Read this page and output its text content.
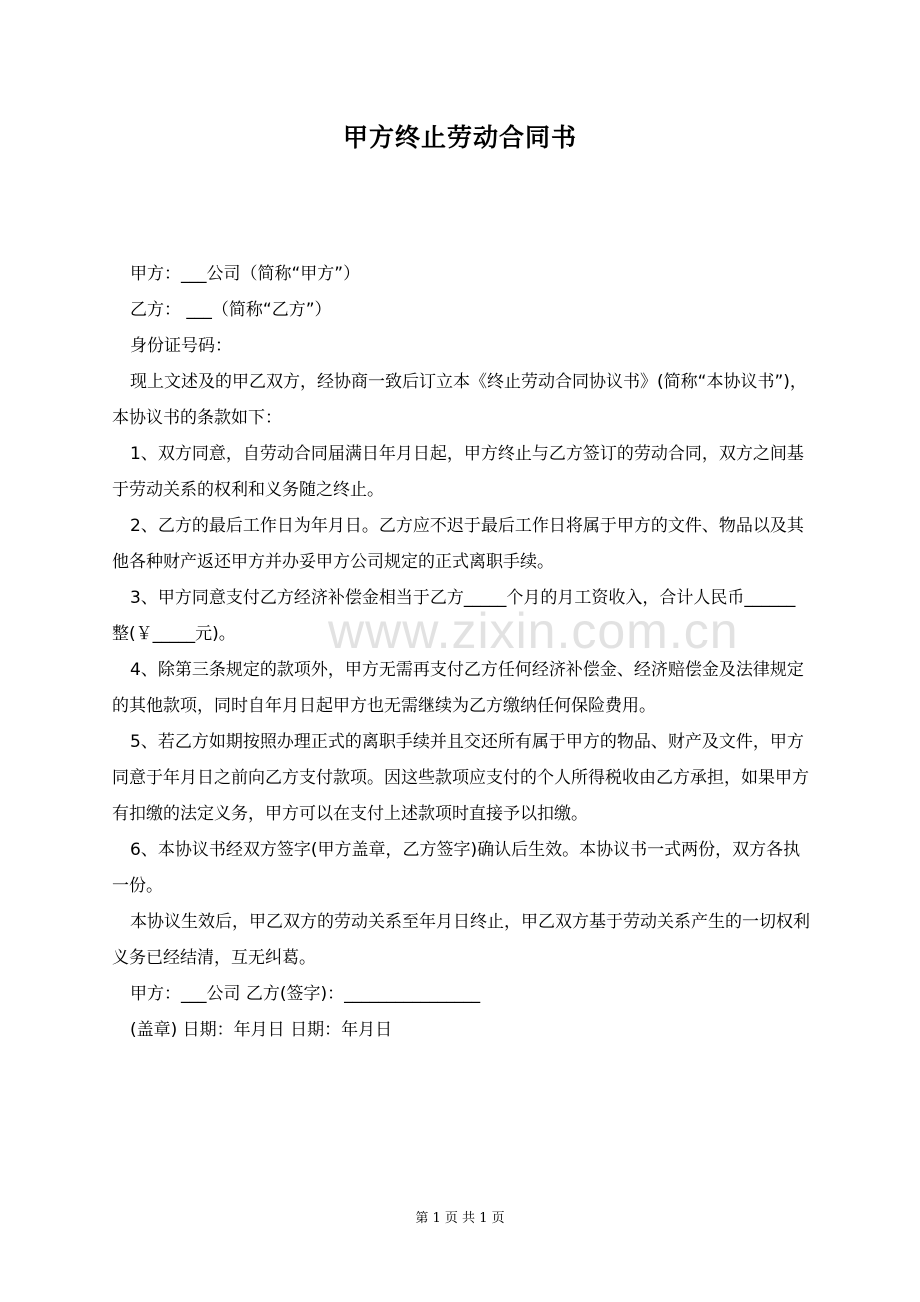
甲方终止劳动合同书
www.zixin.com.cn

甲方：___公司（简称“甲方”）

乙方： ___（简称“乙方”）

身份证号码：

现上文述及的甲乙双方，经协商一致后订立本《终止劳动合同协议书》(简称“本协议书”)，本协议书的条款如下：

1、双方同意，自劳动合同届满日年月日起，甲方终止与乙方签订的劳动合同，双方之间基于劳动关系的权利和义务随之终止。

2、乙方的最后工作日为年月日。乙方应不迟于最后工作日将属于甲方的文件、物品以及其他各种财产返还甲方并办妥甲方公司规定的正式离职手续。

3、甲方同意支付乙方经济补偿金相当于乙方_____个月的月工资收入，合计人民币______整(￥_____元)。

4、除第三条规定的款项外，甲方无需再支付乙方任何经济补偿金、经济赔偿金及法律规定的其他款项，同时自年月日起甲方也无需继续为乙方缴纳任何保险费用。

5、若乙方如期按照办理正式的离职手续并且交还所有属于甲方的物品、财产及文件，甲方同意于年月日之前向乙方支付款项。因这些款项应支付的个人所得税收由乙方承担，如果甲方有扣缴的法定义务，甲方可以在支付上述款项时直接予以扣缴。

6、本协议书经双方签字(甲方盖章，乙方签字)确认后生效。本协议书一式两份，双方各执一份。

本协议生效后，甲乙双方的劳动关系至年月日终止，甲乙双方基于劳动关系产生的一切权利义务已经结清，互无纠葛。

甲方：___公司 乙方(签字)：________________

(盖章) 日期：年月日 日期：年月日

第 1 页 共 1 页
